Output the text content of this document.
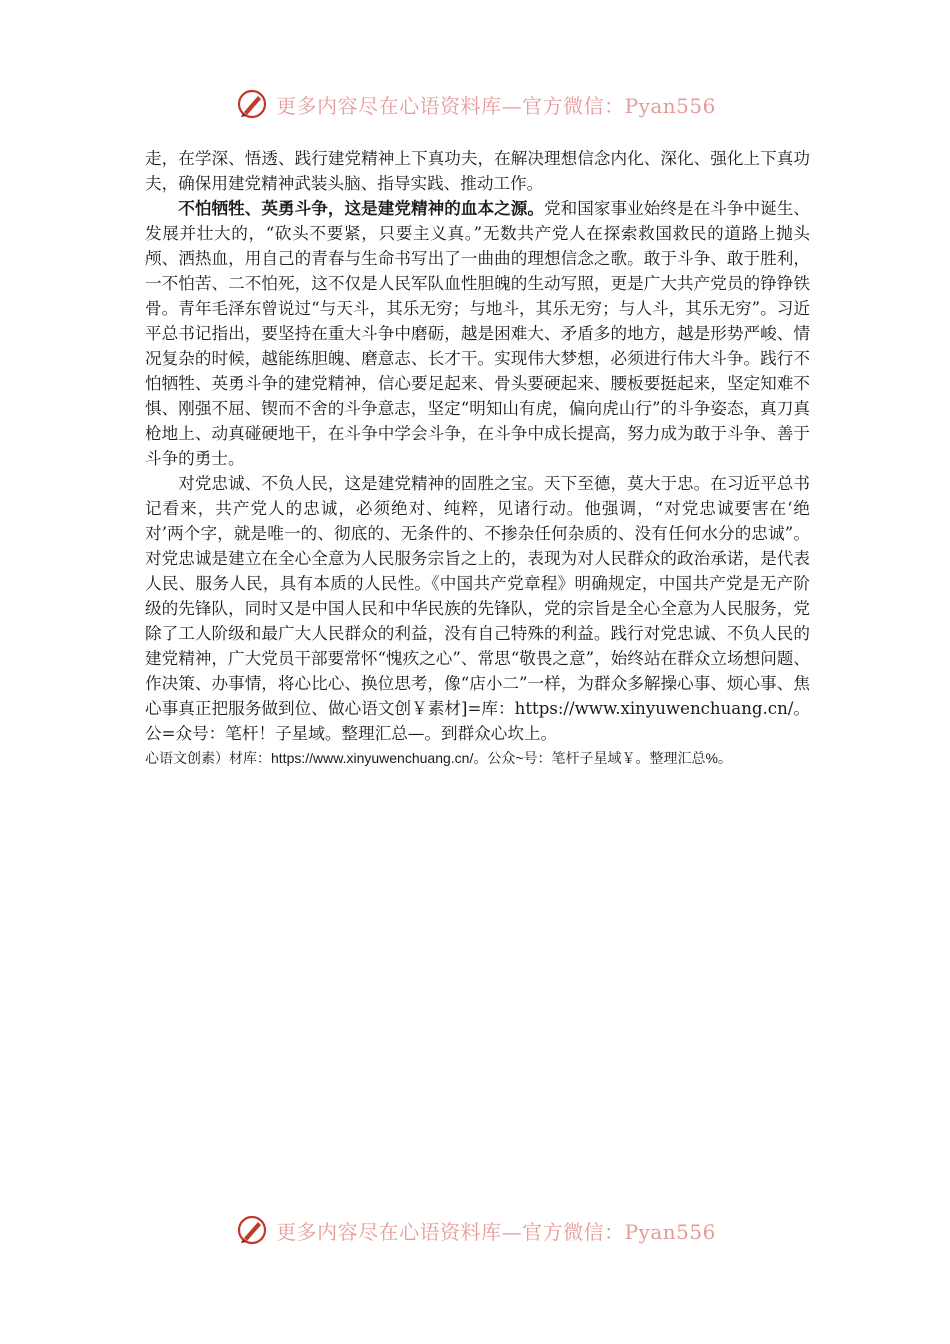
更多内容尽在心语资料库—官方微信：Pyan556

走，在学深、悟透、践行建党精神上下真功夫，在解决理想信念内化、深化、强化上下真功夫，确保用建党精神武装头脑、指导实践、推动工作。

不怕牺牲、英勇斗争，这是建党精神的血本之源。党和国家事业始终是在斗争中诞生、发展并壮大的，“砍头不要紧，只要主义真。”无数共产党人在探索救国救民的道路上抛头颅、洒热血，用自己的青春与生命书写出了一曲曲的理想信念之歌。敢于斗争、敢于胜利，一不怕苦、二不怕死，这不仅是人民军队血性胆魄的生动写照，更是广大共产党员的铮铮铁骨。青年毛泽东曾说过“与天斗，其乐无穷；与地斗，其乐无穷；与人斗，其乐无穷”。习近平总书记指出，要坚持在重大斗争中磨砺，越是困难大、矛盾多的地方，越是形势严峻、情况复杂的时候，越能练胆魄、磨意志、长才干。实现伟大梦想，必须进行伟大斗争。践行不怕牺牲、英勇斗争的建党精神，信心要足起来、骨头要硬起来、腰板要挺起来，坚定知难不惧、刚强不屈、锲而不舍的斗争意志，坚定“明知山有虎，偏向虎山行”的斗争姿态，真刀真枪地上、动真碰硬地干，在斗争中学会斗争，在斗争中成长提高，努力成为敢于斗争、善于斗争的勇士。

对党忠诚、不负人民，这是建党精神的固胜之宝。天下至德，莫大于忠。在习近平总书记看来，共产党人的忠诚，必须绝对、纯粹，见诸行动。他强调，“对党忠诚要害在‘绝对’两个字，就是唯一的、彻底的、无条件的、不掺杂任何杂质的、没有任何水分的忠诚”。对党忠诚是建立在全心全意为人民服务宗旨之上的，表现为对人民群众的政治承诺，是代表人民、服务人民，具有本质的人民性。《中国共产党章程》明确规定，中国共产党是无产阶级的先锋队，同时又是中国人民和中华民族的先锋队，党的宗旨是全心全意为人民服务，党除了工人阶级和最广大人民群众的利益，没有自己特殊的利益。践行对党忠诚、不负人民的建党精神，广大党员干部要常怀“愧疚之心”、常思“敬畏之意”，始终站在群众立场想问题、作决策、办事情，将心比心、换位思考，像“店小二”一样，为群众多解操心事、烦心事、焦心事真正把服务做到位、做心语文创￥素材]=库：https://www.xinyuwenchuang.cn/。公=众号：笔杆！子星域。整理汇总—。到群众心坎上。

心语文创素）材库：https://www.xinyuwenchuang.cn/。公众~号：笔杆子星域￥。整理汇总%。

更多内容尽在心语资料库—官方微信：Pyan556
